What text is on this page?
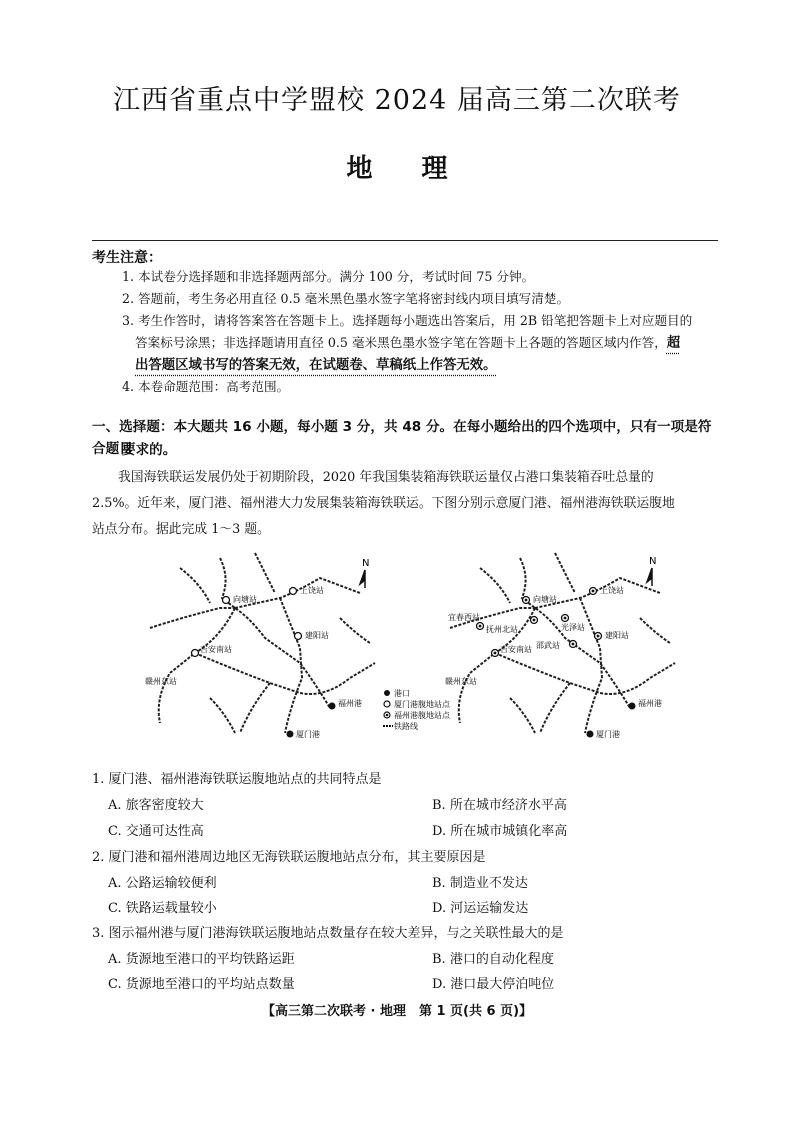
江西省重点中学盟校 2024 届高三第二次联考
地 理
考生注意：
1. 本试卷分选择题和非选择题两部分。满分 100 分，考试时间 75 分钟。
2. 答题前，考生务必用直径 0.5 毫米黑色墨水签字笔将密封线内项目填写清楚。
3. 考生作答时，请将答案答在答题卡上。选择题每小题选出答案后，用 2B 铅笔把答题卡上对应题目的
答案标号涂黑；非选择题请用直径 0.5 毫米黑色墨水签字笔在答题卡上各题的答题区域内作答，超
出答题区域书写的答案无效，在试题卷、草稿纸上作答无效。
4. 本卷命题范围：高考范围。
一、选择题：本大题共 16 小题，每小题 3 分，共 48 分。在每小题给出的四个选项中，只有一项是符合题目
要求的。
我国海铁联运发展仍处于初期阶段，2020 年我国集装箱海铁联运量仅占港口集装箱吞吐总量的
2.5%。近年来，厦门港、福州港大力发展集装箱海铁联运。下图分别示意厦门港、福州港海铁联运腹地
站点分布。据此完成 1～3 题。
N
向塘站
上饶站
建阳站
吉安南站
赣州东站
福州港
厦门港
港口
厦门港腹地站点
福州港腹地站点
铁路线
N
宜春西站
向塘站
上饶站
抚州北站	光泽站
邵武站
建阳站
吉安南站
赣州东站
福州港
厦门港
1. 厦门港、福州港海铁联运腹地站点的共同特点是
A. 旅客密度较大	B. 所在城市经济水平高
C. 交通可达性高	D. 所在城市城镇化率高
2. 厦门港和福州港周边地区无海铁联运腹地站点分布，其主要原因是
A. 公路运输较便利	B. 制造业不发达
C. 铁路运载量较小	D. 河运运输发达
3. 图示福州港与厦门港海铁联运腹地站点数量存在较大差异，与之关联性最大的是
A. 货源地至港口的平均铁路运距	B. 港口的自动化程度
C. 货源地至港口的平均站点数量	D. 港口最大停泊吨位
【高三第二次联考 · 地理　第 1 页(共 6 页)】
